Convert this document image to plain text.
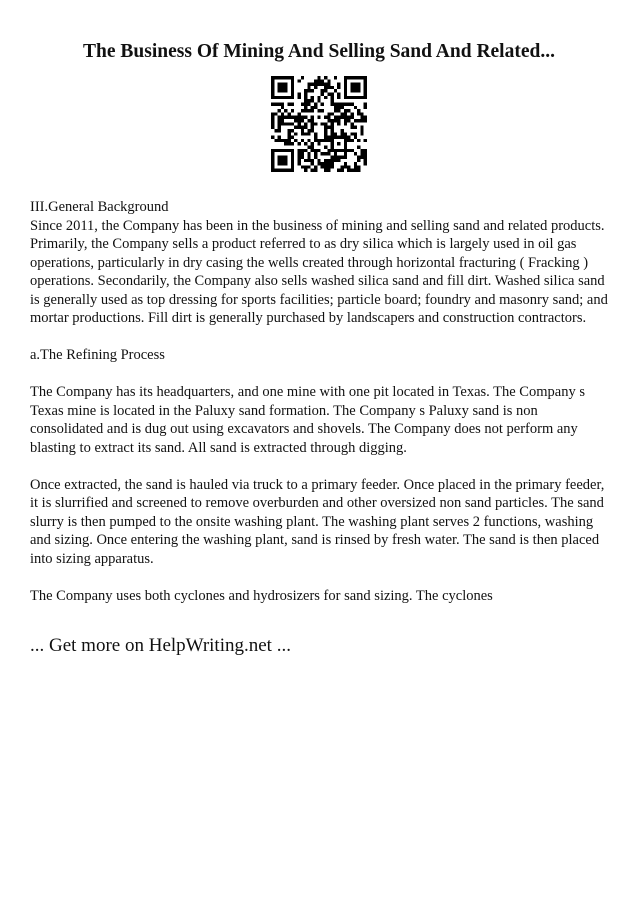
The Business Of Mining And Selling Sand And Related...

III.General Background
Since 2011, the Company has been in the business of mining and selling sand and related products. Primarily, the Company sells a product referred to as dry silica which is largely used in oil gas operations, particularly in dry casing the wells created through horizontal fracturing ( Fracking ) operations. Secondarily, the Company also sells washed silica sand and fill dirt. Washed silica sand is generally used as top dressing for sports facilities; particle board; foundry and masonry sand; and mortar productions. Fill dirt is generally purchased by landscapers and construction contractors.

a.The Refining Process

The Company has its headquarters, and one mine with one pit located in Texas. The Company s Texas mine is located in the Paluxy sand formation. The Company s Paluxy sand is non consolidated and is dug out using excavators and shovels. The Company does not perform any blasting to extract its sand. All sand is extracted through digging.

Once extracted, the sand is hauled via truck to a primary feeder. Once placed in the primary feeder, it is slurrified and screened to remove overburden and other oversized non sand particles. The sand slurry is then pumped to the onsite washing plant. The washing plant serves 2 functions, washing and sizing. Once entering the washing plant, sand is rinsed by fresh water. The sand is then placed into sizing apparatus.

The Company uses both cyclones and hydrosizers for sand sizing. The cyclones

... Get more on HelpWriting.net ...
